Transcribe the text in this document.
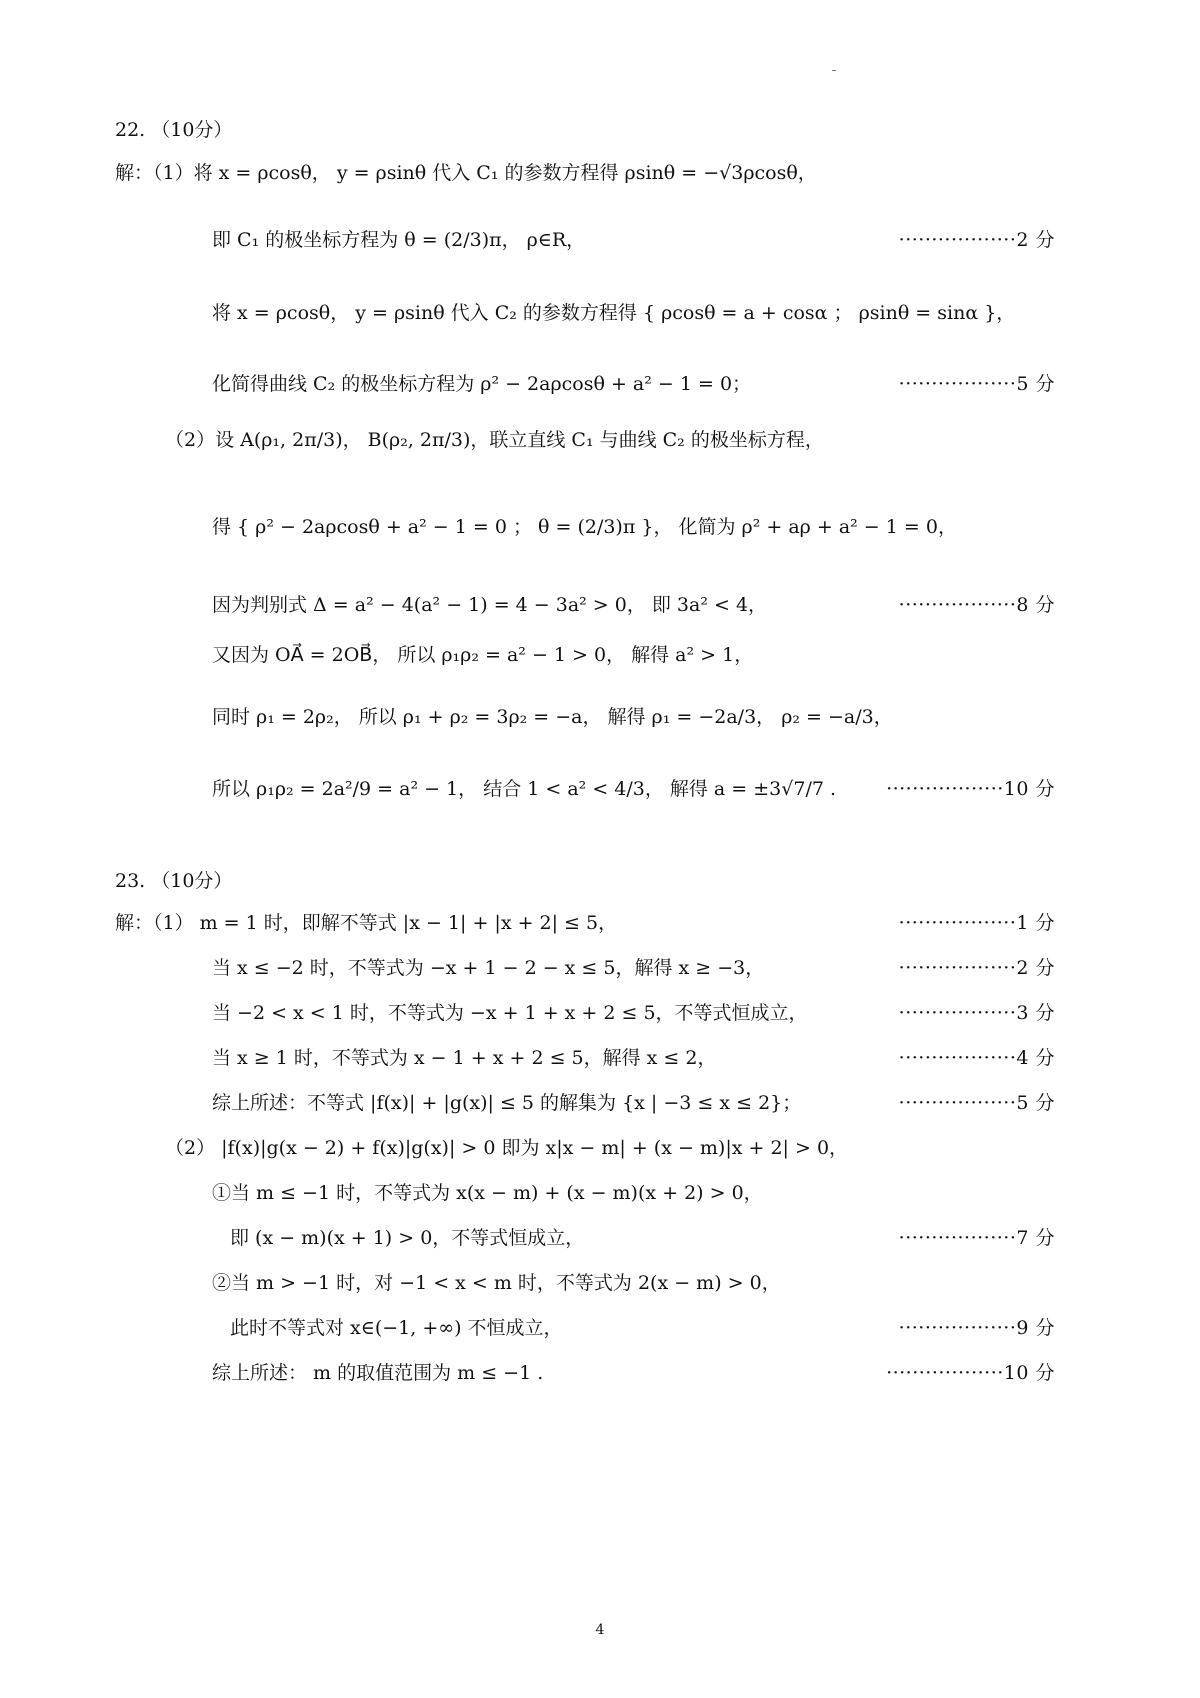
22. （10分）
解：（1）将 x = ρcosθ， y = ρsinθ 代入 C₁ 的参数方程得 ρsinθ = −√3ρcosθ，
即 C₁ 的极坐标方程为 θ = (2/3)π， ρ∈R，	··················2 分
将 x = ρcosθ， y = ρsinθ 代入 C₂ 的参数方程得 { ρcosθ = a + cosα ； ρsinθ = sinα }，
化简得曲线 C₂ 的极坐标方程为 ρ² − 2aρcosθ + a² − 1 = 0；	··················5 分
（2）设 A(ρ₁, 2π/3)， B(ρ₂, 2π/3)，联立直线 C₁ 与曲线 C₂ 的极坐标方程，
得 { ρ² − 2aρcosθ + a² − 1 = 0 ； θ = (2/3)π }， 化简为 ρ² + aρ + a² − 1 = 0，
因为判别式 Δ = a² − 4(a² − 1) = 4 − 3a² > 0， 即 3a² < 4，	··················8 分
又因为 OA⃗ = 2OB⃗， 所以 ρ₁ρ₂ = a² − 1 > 0， 解得 a² > 1，
同时 ρ₁ = 2ρ₂， 所以 ρ₁ + ρ₂ = 3ρ₂ = −a， 解得 ρ₁ = −2a/3， ρ₂ = −a/3，
所以 ρ₁ρ₂ = 2a²/9 = a² − 1， 结合 1 < a² < 4/3， 解得 a = ±3√7/7 .	··················10 分
23. （10分）
解：（1） m = 1 时，即解不等式 |x − 1| + |x + 2| ≤ 5，	··················1 分
当 x ≤ −2 时，不等式为 −x + 1 − 2 − x ≤ 5，解得 x ≥ −3，	··················2 分
当 −2 < x < 1 时，不等式为 −x + 1 + x + 2 ≤ 5，不等式恒成立，	··················3 分
当 x ≥ 1 时，不等式为 x − 1 + x + 2 ≤ 5，解得 x ≤ 2，	··················4 分
综上所述：不等式 |f(x)| + |g(x)| ≤ 5 的解集为 {x | −3 ≤ x ≤ 2}；	··················5 分
（2） |f(x)|g(x − 2) + f(x)|g(x)| > 0 即为 x|x − m| + (x − m)|x + 2| > 0，
①当 m ≤ −1 时，不等式为 x(x − m) + (x − m)(x + 2) > 0，
即 (x − m)(x + 1) > 0，不等式恒成立，	··················7 分
②当 m > −1 时，对 −1 < x < m 时，不等式为 2(x − m) > 0，
此时不等式对 x∈(−1, +∞) 不恒成立，	··················9 分
综上所述： m 的取值范围为 m ≤ −1 .	··················10 分
4
